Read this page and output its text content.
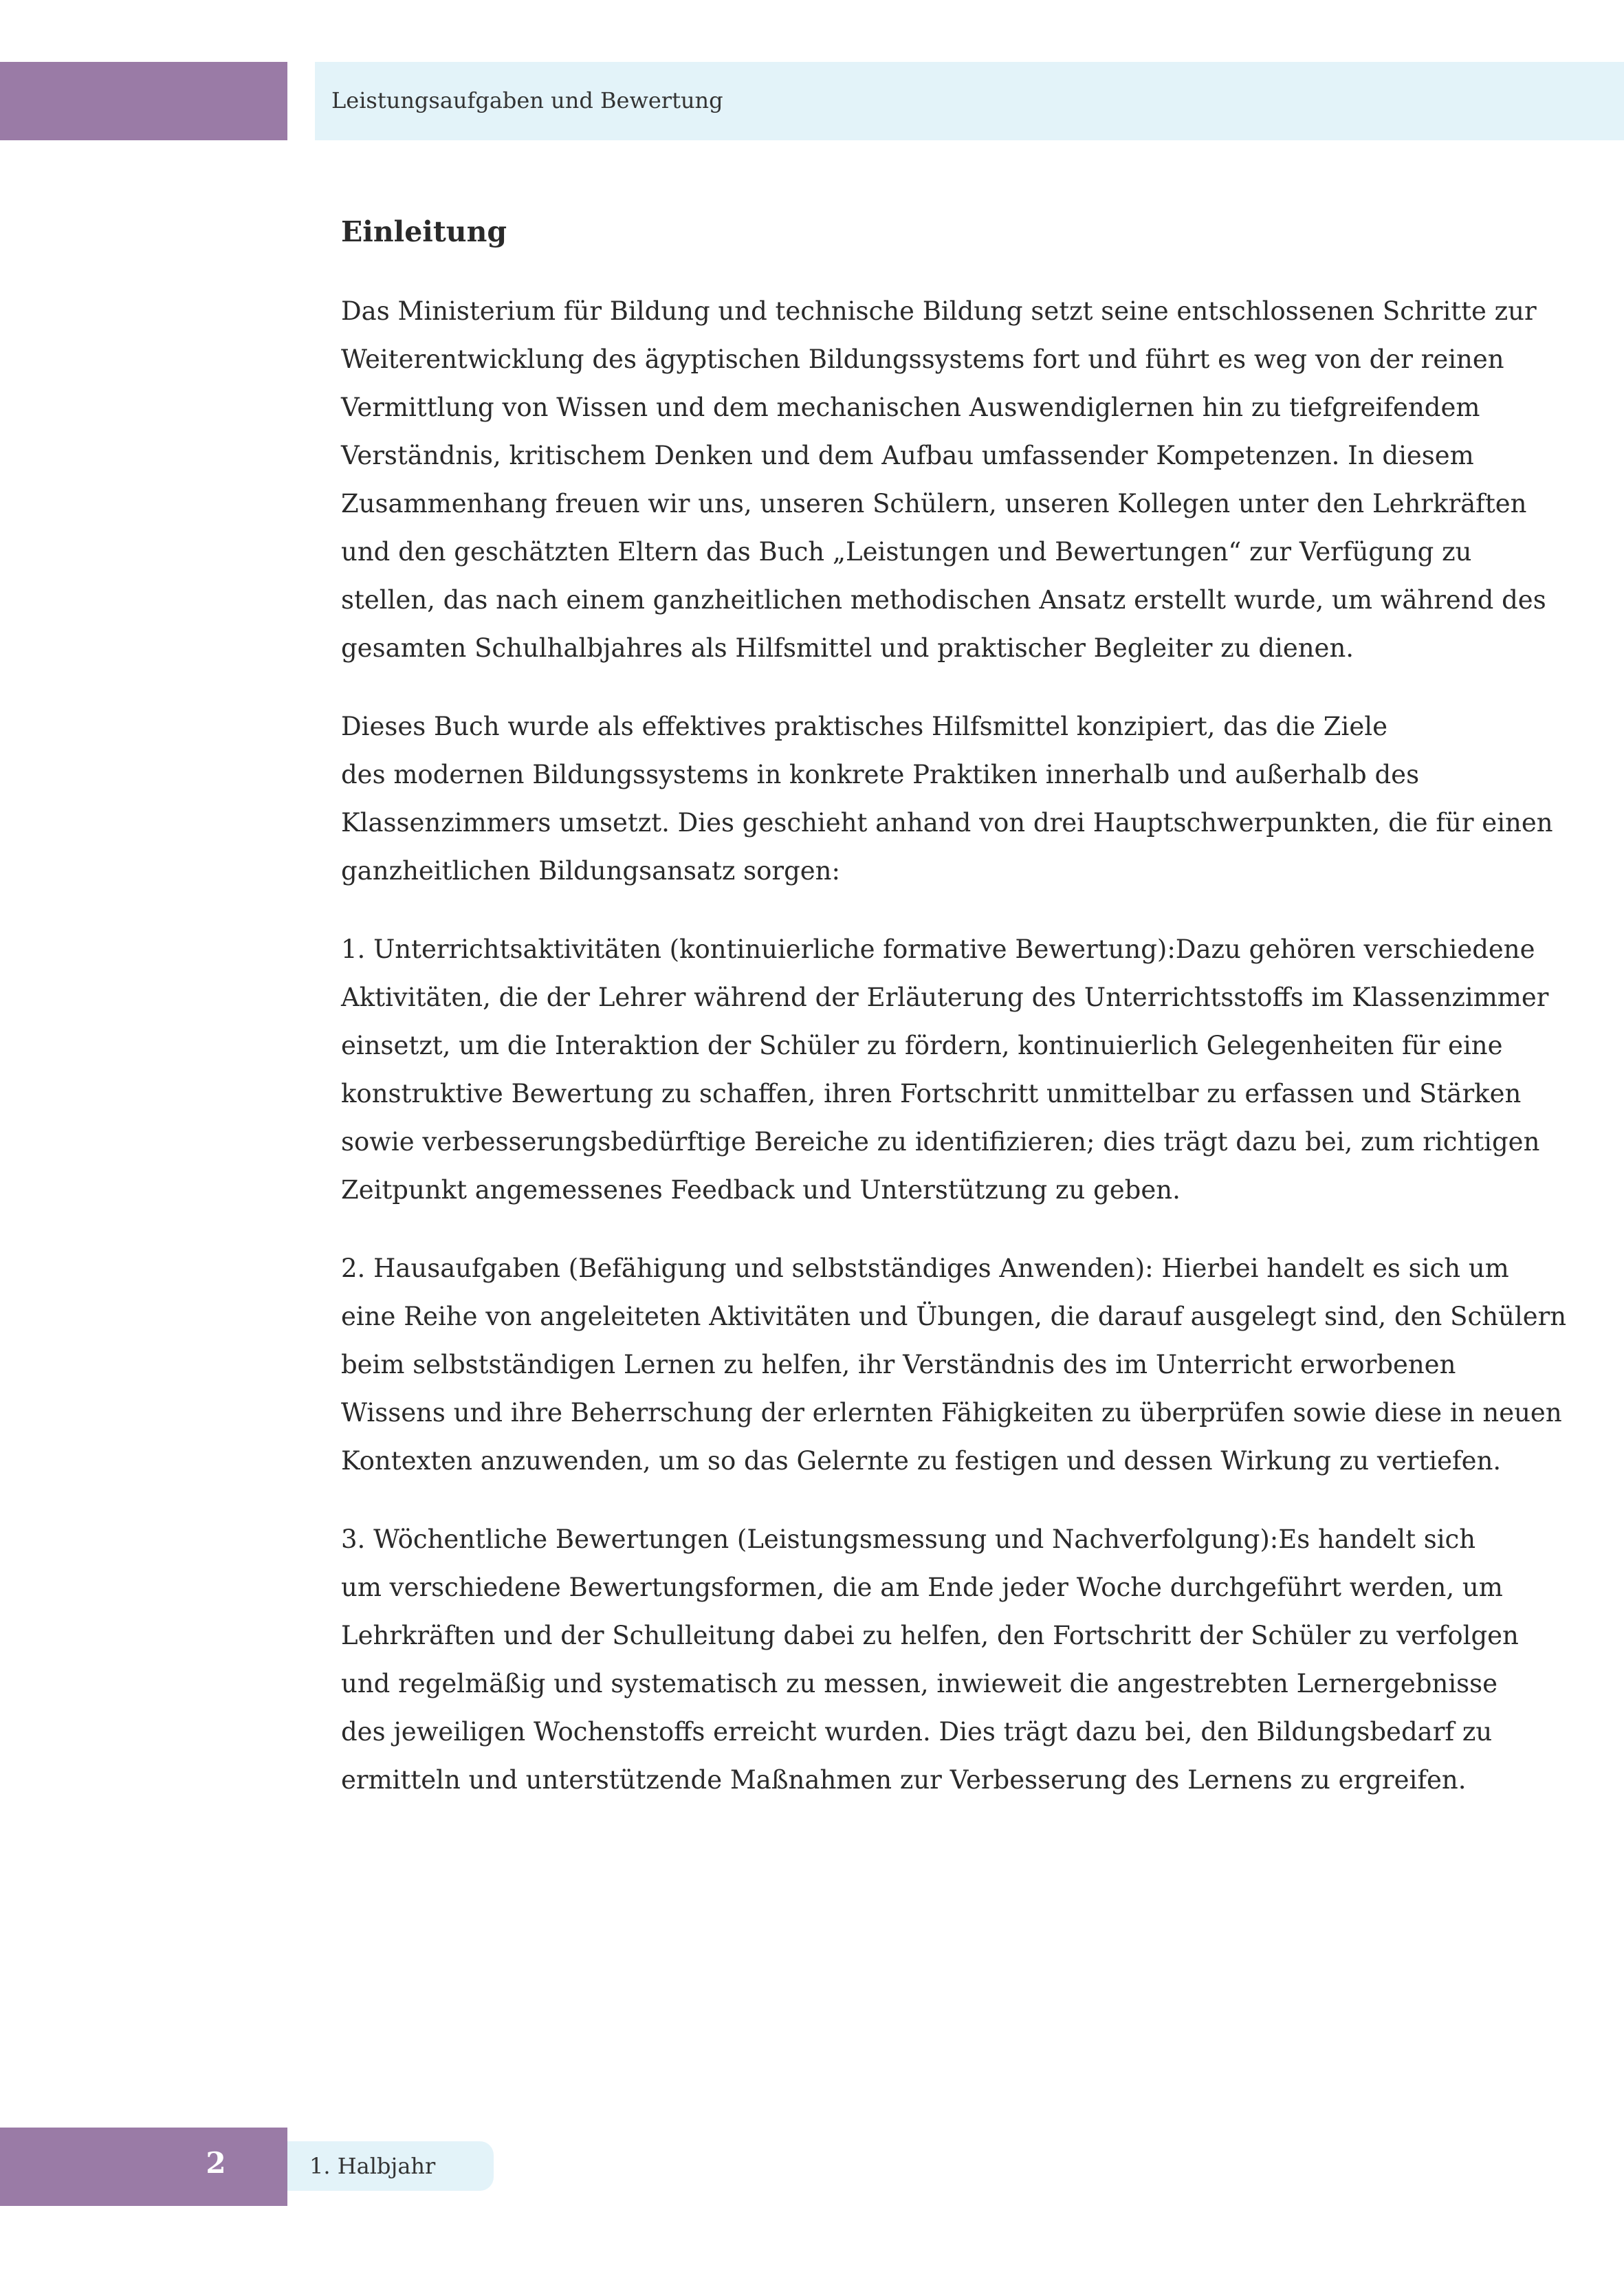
Leistungsaufgaben und Bewertung
Einleitung
Das Ministerium für Bildung und technische Bildung setzt seine entschlossenen Schritte zur
Weiterentwicklung des ägyptischen Bildungssystems fort und führt es weg von der reinen
Vermittlung von Wissen und dem mechanischen Auswendiglernen hin zu tiefgreifendem
Verständnis, kritischem Denken und dem Aufbau umfassender Kompetenzen. In diesem
Zusammenhang freuen wir uns, unseren Schülern, unseren Kollegen unter den Lehrkräften
und den geschätzten Eltern das Buch „Leistungen und Bewertungen“ zur Verfügung zu
stellen, das nach einem ganzheitlichen methodischen Ansatz erstellt wurde, um während des
gesamten Schulhalbjahres als Hilfsmittel und praktischer Begleiter zu dienen.
Dieses Buch wurde als effektives praktisches Hilfsmittel konzipiert, das die Ziele
des modernen Bildungssystems in konkrete Praktiken innerhalb und außerhalb des
Klassenzimmers umsetzt. Dies geschieht anhand von drei Hauptschwerpunkten, die für einen
ganzheitlichen Bildungsansatz sorgen:
1. Unterrichtsaktivitäten (kontinuierliche formative Bewertung):Dazu gehören verschiedene
Aktivitäten, die der Lehrer während der Erläuterung des Unterrichtsstoffs im Klassenzimmer
einsetzt, um die Interaktion der Schüler zu fördern, kontinuierlich Gelegenheiten für eine
konstruktive Bewertung zu schaffen, ihren Fortschritt unmittelbar zu erfassen und Stärken
sowie verbesserungsbedürftige Bereiche zu identifizieren; dies trägt dazu bei, zum richtigen
Zeitpunkt angemessenes Feedback und Unterstützung zu geben.
2. Hausaufgaben (Befähigung und selbstständiges Anwenden): Hierbei handelt es sich um
eine Reihe von angeleiteten Aktivitäten und Übungen, die darauf ausgelegt sind, den Schülern
beim selbstständigen Lernen zu helfen, ihr Verständnis des im Unterricht erworbenen
Wissens und ihre Beherrschung der erlernten Fähigkeiten zu überprüfen sowie diese in neuen
Kontexten anzuwenden, um so das Gelernte zu festigen und dessen Wirkung zu vertiefen.
3. Wöchentliche Bewertungen (Leistungsmessung und Nachverfolgung):Es handelt sich
um verschiedene Bewertungsformen, die am Ende jeder Woche durchgeführt werden, um
Lehrkräften und der Schulleitung dabei zu helfen, den Fortschritt der Schüler zu verfolgen
und regelmäßig und systematisch zu messen, inwieweit die angestrebten Lernergebnisse
des jeweiligen Wochenstoffs erreicht wurden. Dies trägt dazu bei, den Bildungsbedarf zu
ermitteln und unterstützende Maßnahmen zur Verbesserung des Lernens zu ergreifen.
2	1. Halbjahr
